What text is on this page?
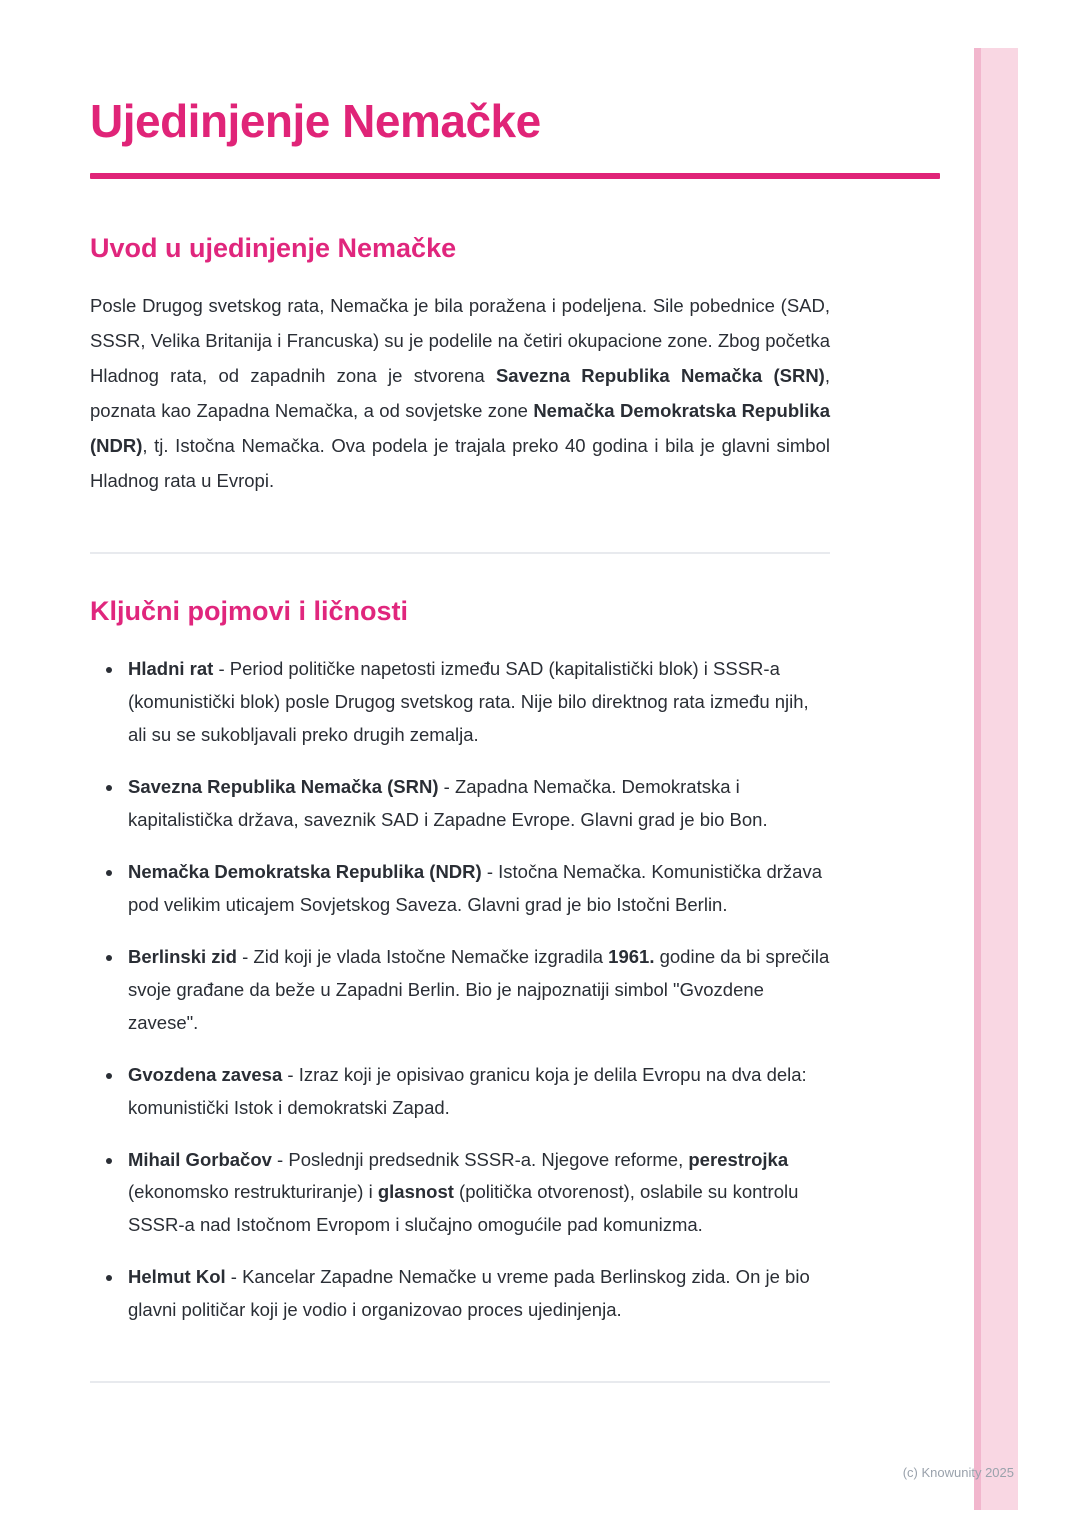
Ujedinjenje Nemačke
Uvod u ujedinjenje Nemačke

Posle Drugog svetskog rata, Nemačka je bila poražena i podeljena. Sile pobednice (SAD, SSSR, Velika Britanija i Francuska) su je podelile na četiri okupacione zone. Zbog početka Hladnog rata, od zapadnih zona je stvorena Savezna Republika Nemačka (SRN), poznata kao Zapadna Nemačka, a od sovjetske zone Nemačka Demokratska Republika (NDR), tj. Istočna Nemačka. Ova podela je trajala preko 40 godina i bila je glavni simbol Hladnog rata u Evropi.

Ključni pojmovi i ličnosti
• Hladni rat - Period političke napetosti između SAD (kapitalistički blok) i SSSR-a (komunistički blok) posle Drugog svetskog rata. Nije bilo direktnog rata između njih, ali su se sukobljavali preko drugih zemalja.
• Savezna Republika Nemačka (SRN) - Zapadna Nemačka. Demokratska i kapitalistička država, saveznik SAD i Zapadne Evrope. Glavni grad je bio Bon.
• Nemačka Demokratska Republika (NDR) - Istočna Nemačka. Komunistička država pod velikim uticajem Sovjetskog Saveza. Glavni grad je bio Istočni Berlin.
• Berlinski zid - Zid koji je vlada Istočne Nemačke izgradila 1961. godine da bi sprečila svoje građane da beže u Zapadni Berlin. Bio je najpoznatiji simbol "Gvozdene zavese".
• Gvozdena zavesa - Izraz koji je opisivao granicu koja je delila Evropu na dva dela: komunistički Istok i demokratski Zapad.
• Mihail Gorbačov - Poslednji predsednik SSSR-a. Njegove reforme, perestrojka (ekonomsko restrukturiranje) i glasnost (politička otvorenost), oslabile su kontrolu SSSR-a nad Istočnom Evropom i slučajno omogućile pad komunizma.
• Helmut Kol - Kancelar Zapadne Nemačke u vreme pada Berlinskog zida. On je bio glavni političar koji je vodio i organizovao proces ujedinjenja.
(c) Knowunity 2025
